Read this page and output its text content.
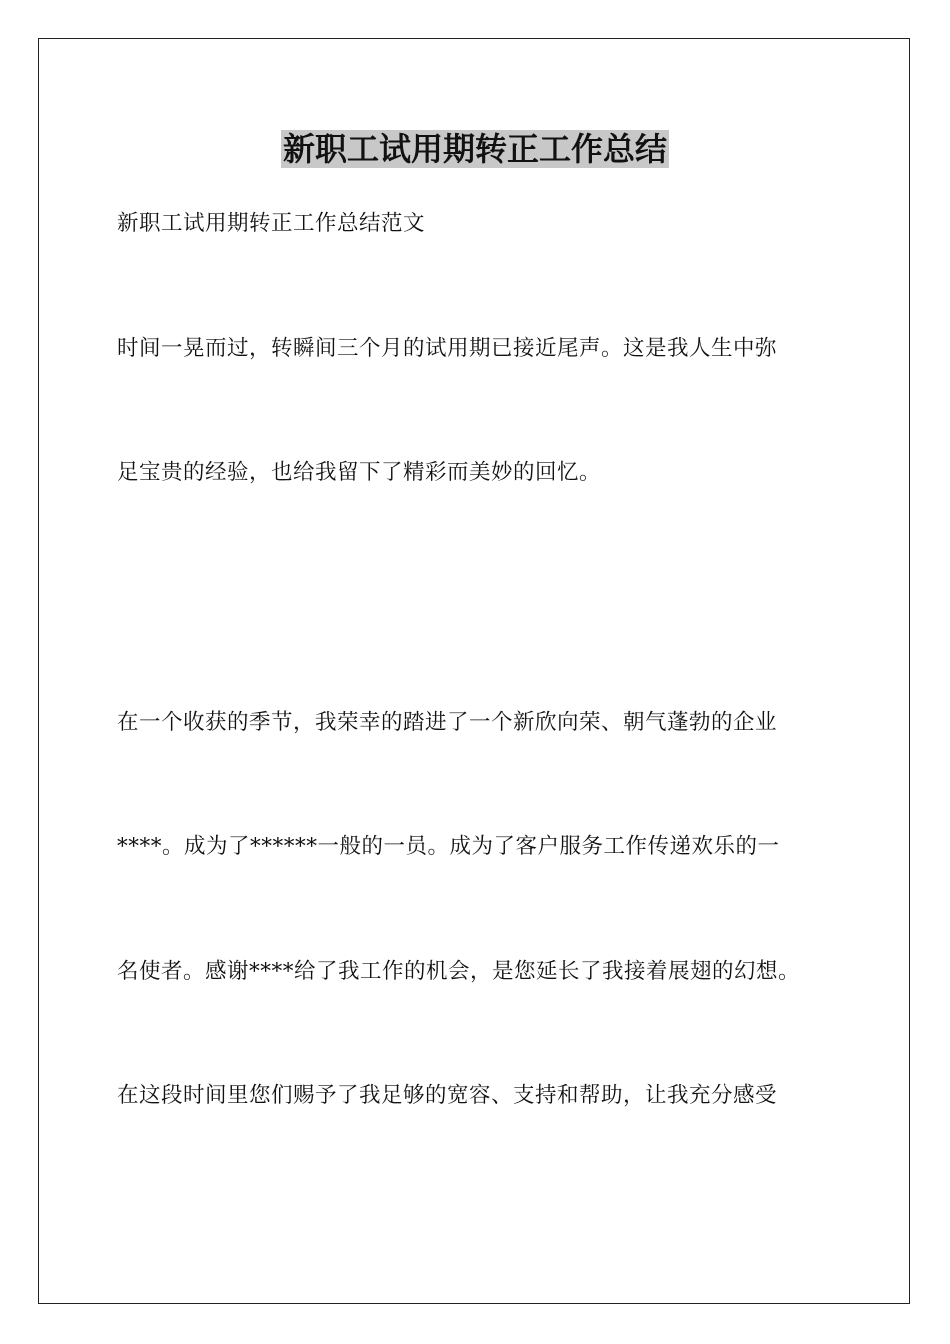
新职工试用期转正工作总结

新职工试用期转正工作总结范文

时间一晃而过，转瞬间三个月的试用期已接近尾声。这是我人生中弥

足宝贵的经验，也给我留下了精彩而美妙的回忆。

在一个收获的季节，我荣幸的踏进了一个新欣向荣、朝气蓬勃的企业

****。成为了******一般的一员。成为了客户服务工作传递欢乐的一

名使者。感谢****给了我工作的机会，是您延长了我接着展翅的幻想。

在这段时间里您们赐予了我足够的宽容、支持和帮助，让我充分感受
